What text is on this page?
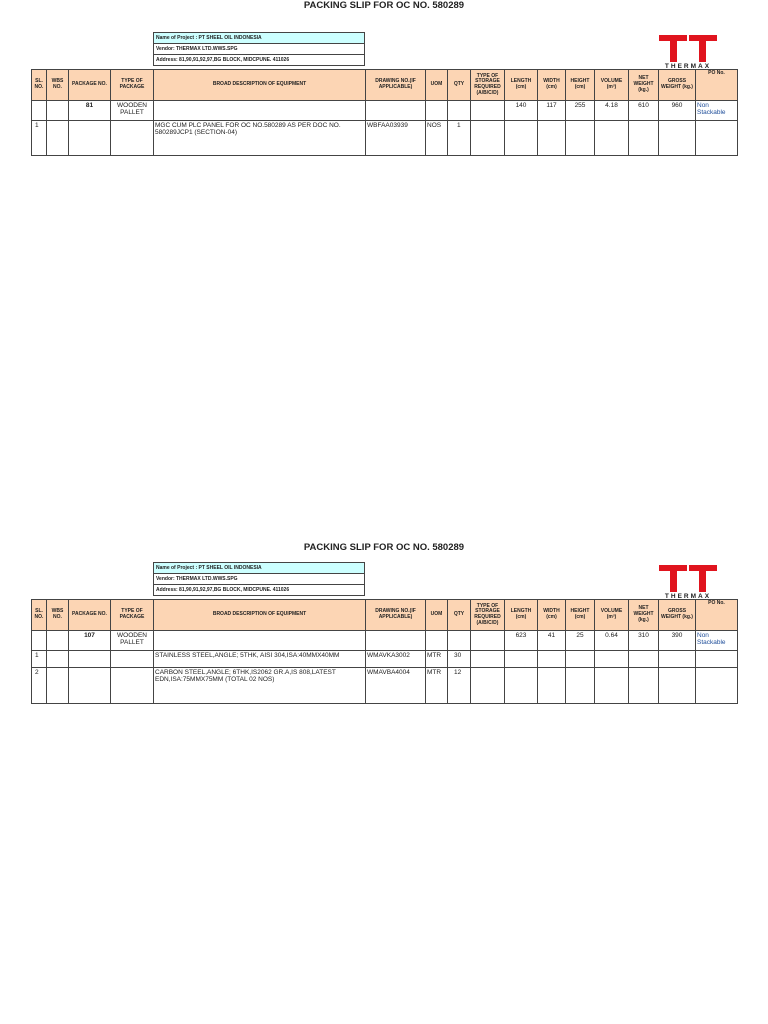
PACKING SLIP FOR OC NO. 580289
Name of Project : PT SHEEL OIL INDONESIA
Vendor: THERMAX LTD.WWS.SPG
Address: 81,90,91,92,97,BG BLOCK, MIDCPUNE. 411026
THERMAX
SL. NO.	WBS NO.	PACKAGE NO.	TYPE OF PACKAGE	BROAD DESCRIPTION OF EQUIPMENT	DRAWING NO.(IF APPLICABLE)	UOM	QTY	TYPE OF STORAGE REQUIRED (A/B/C/D)	LENGTH (cm)	WIDTH (cm)	HEIGHT (cm)	VOLUME (m³)	NET WEIGHT (kg.)	GROSS WEIGHT (kg.)	PO No.
		81	WOODEN PALLET						140	117	255	4.18	610	960	Non Stackable
1				MGC CUM PLC PANEL FOR OC NO.580289 AS PER DOC NO. 580289JCP1 (SECTION-04)	WBFAA03939	NOS	1								
PACKING SLIP FOR OC NO. 580289
Name of Project : PT SHEEL OIL INDONESIA
Vendor: THERMAX LTD.WWS.SPG
Address: 81,90,91,92,97,BG BLOCK, MIDCPUNE. 411026
THERMAX
SL. NO.	WBS NO.	PACKAGE NO.	TYPE OF PACKAGE	BROAD DESCRIPTION OF EQUIPMENT	DRAWING NO.(IF APPLICABLE)	UOM	QTY	TYPE OF STORAGE REQUIRED (A/B/C/D)	LENGTH (cm)	WIDTH (cm)	HEIGHT (cm)	VOLUME (m³)	NET WEIGHT (kg.)	GROSS WEIGHT (kg.)	PO No.
		107	WOODEN PALLET						623	41	25	0.64	310	390	Non Stackable
1				STAINLESS STEEL,ANGLE; 5THK, AISI 304,ISA:40MMX40MM	WMAVKA3002	MTR	30								
2				CARBON STEEL,ANGLE; 6THK,IS2062 GR.A,IS 808,LATEST EDN,ISA:75MMX75MM (TOTAL 02 NOS)	WMAVBA4004	MTR	12								
